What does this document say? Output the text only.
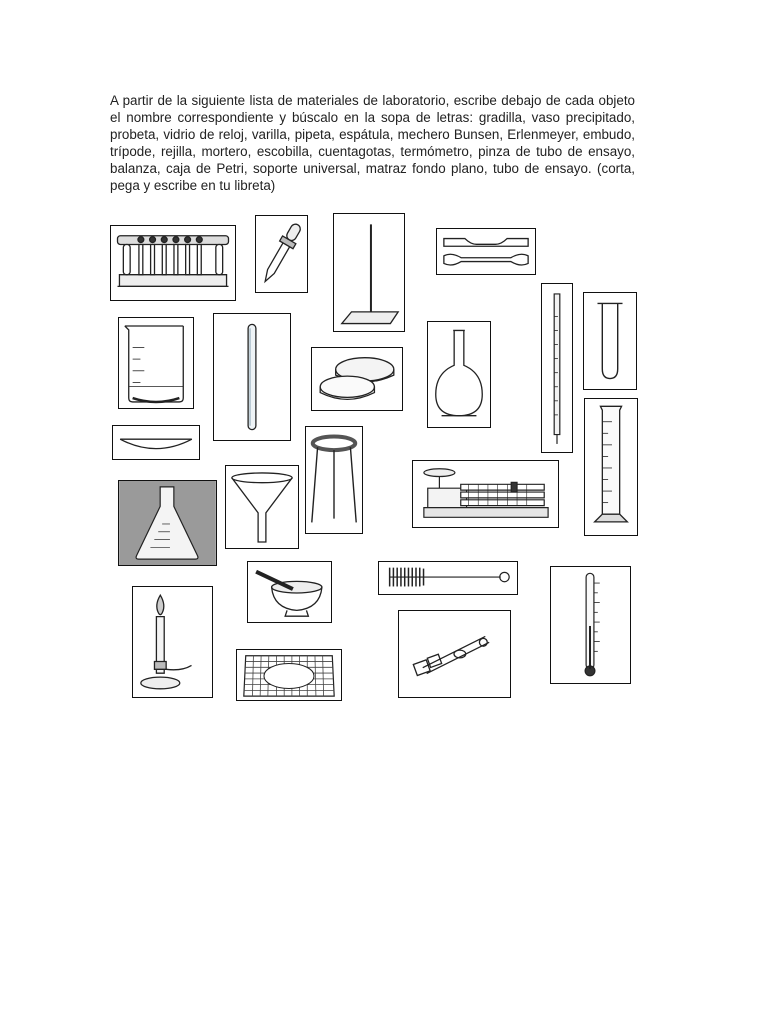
A partir de la siguiente lista de materiales de laboratorio, escribe debajo de cada objeto el nombre correspondiente y búscalo en la sopa de letras: gradilla, vaso precipitado, probeta, vidrio de reloj, varilla, pipeta, espátula, mechero Bunsen, Erlenmeyer, embudo, trípode, rejilla, mortero, escobilla, cuentagotas, termómetro, pinza de tubo de ensayo, balanza, caja de Petri, soporte universal, matraz fondo plano, tubo de ensayo. (corta, pega y escribe en tu libreta)
